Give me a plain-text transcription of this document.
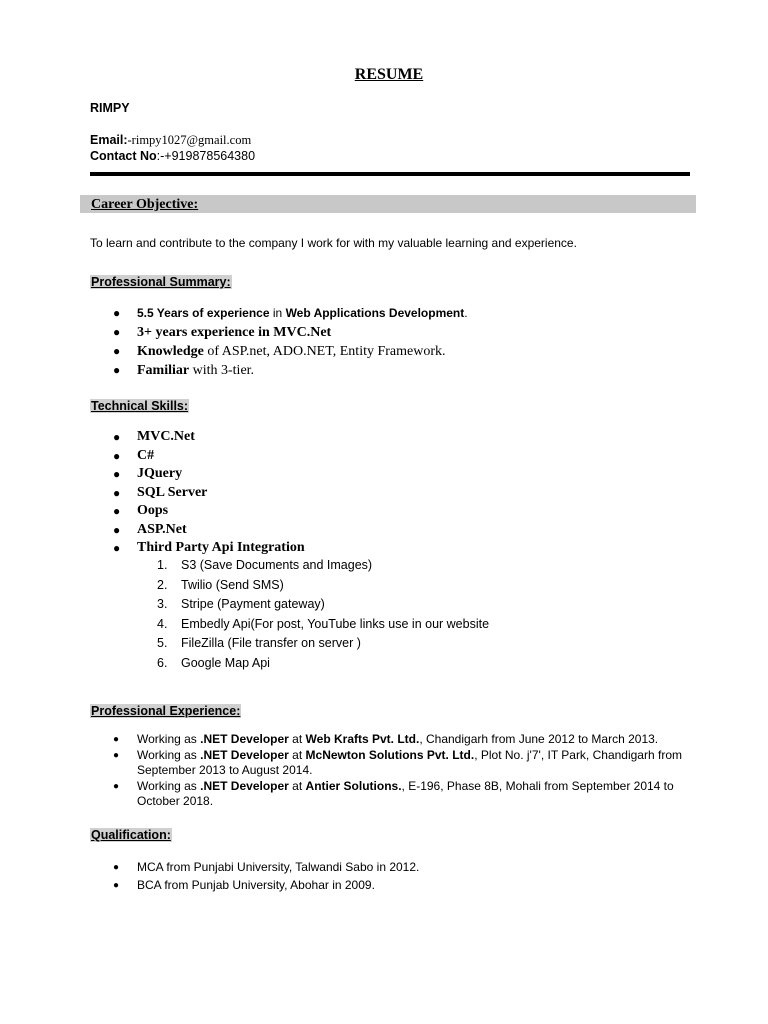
RESUME
RIMPY
Email:-rimpy1027@gmail.com
Contact No:-+919878564380
Career Objective:
To learn and contribute to the company I work for with my valuable learning and experience.
Professional Summary:
● 5.5 Years of experience in Web Applications Development.
● 3+ years experience in MVC.Net
● Knowledge of ASP.net, ADO.NET, Entity Framework.
● Familiar with 3-tier.
Technical Skills:
● MVC.Net
● C#
● JQuery
● SQL Server
● Oops
● ASP.Net
● Third Party Api Integration
1. S3 (Save Documents and Images)
2. Twilio (Send SMS)
3. Stripe (Payment gateway)
4. Embedly Api(For post, YouTube links use in our website
5. FileZilla (File transfer on server )
6. Google Map Api
Professional Experience:
● Working as .NET Developer at Web Krafts Pvt. Ltd., Chandigarh from June 2012 to March 2013.
● Working as .NET Developer at McNewton Solutions Pvt. Ltd., Plot No. j'7', IT Park, Chandigarh from September 2013 to August 2014.
● Working as .NET Developer at Antier Solutions., E-196, Phase 8B, Mohali from September 2014 to October 2018.
Qualification:
● MCA from Punjabi University, Talwandi Sabo in 2012.
● BCA from Punjab University, Abohar in 2009.
